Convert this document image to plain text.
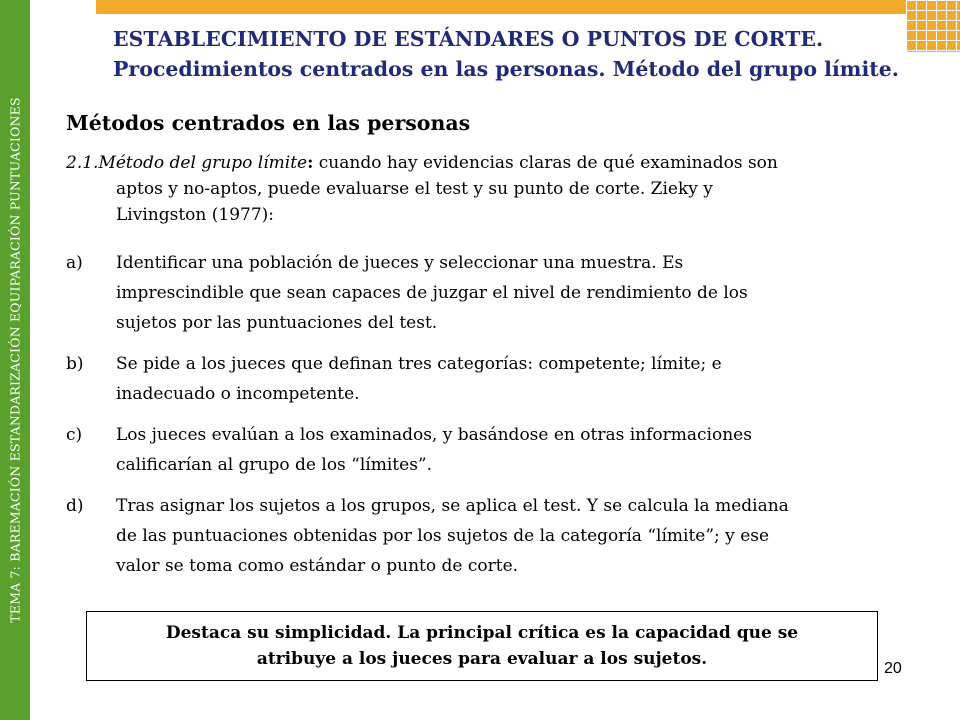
TEMA 7: BAREMACIÓN ESTANDARIZACIÓN EQUIPARACIÓN PUNTUACIONES
ESTABLECIMIENTO DE ESTÁNDARES O PUNTOS DE CORTE.
Procedimientos centrados en las personas. Método del grupo límite.
Métodos centrados en las personas
2.1.Método del grupo límite: cuando hay evidencias claras de qué examinados son
aptos y no-aptos, puede evaluarse el test y su punto de corte. Zieky y
Livingston (1977):
a) Identificar una población de jueces y seleccionar una muestra. Es
imprescindible que sean capaces de juzgar el nivel de rendimiento de los
sujetos por las puntuaciones del test.
b) Se pide a los jueces que definan tres categorías: competente; límite; e
inadecuado o incompetente.
c) Los jueces evalúan a los examinados, y basándose en otras informaciones
calificarían al grupo de los “límites”.
d) Tras asignar los sujetos a los grupos, se aplica el test. Y se calcula la mediana
de las puntuaciones obtenidas por los sujetos de la categoría “límite”; y ese
valor se toma como estándar o punto de corte.
Destaca su simplicidad. La principal crítica es la capacidad que se
atribuye a los jueces para evaluar a los sujetos.	20
